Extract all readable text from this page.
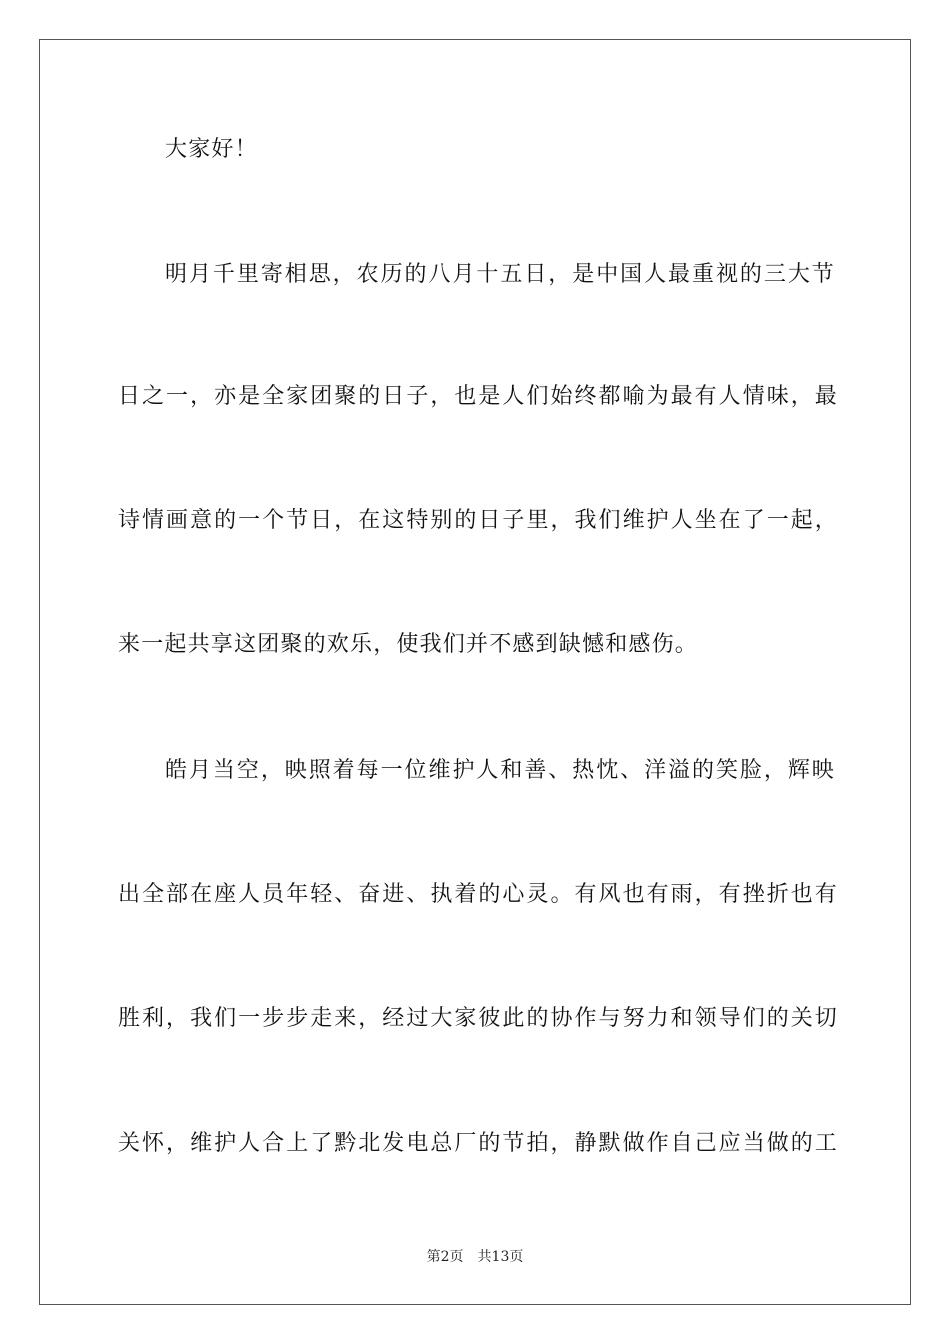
大家好！
明月千里寄相思，农历的八月十五日，是中国人最重视的三大节
日之一，亦是全家团聚的日子，也是人们始终都喻为最有人情味，最
诗情画意的一个节日，在这特别的日子里，我们维护人坐在了一起，
来一起共享这团聚的欢乐，使我们并不感到缺憾和感伤。
皓月当空，映照着每一位维护人和善、热忱、洋溢的笑脸，辉映
出全部在座人员年轻、奋进、执着的心灵。有风也有雨，有挫折也有
胜利，我们一步步走来，经过大家彼此的协作与努力和领导们的关切
关怀，维护人合上了黔北发电总厂的节拍，静默做作自己应当做的工
第2页 共13页
